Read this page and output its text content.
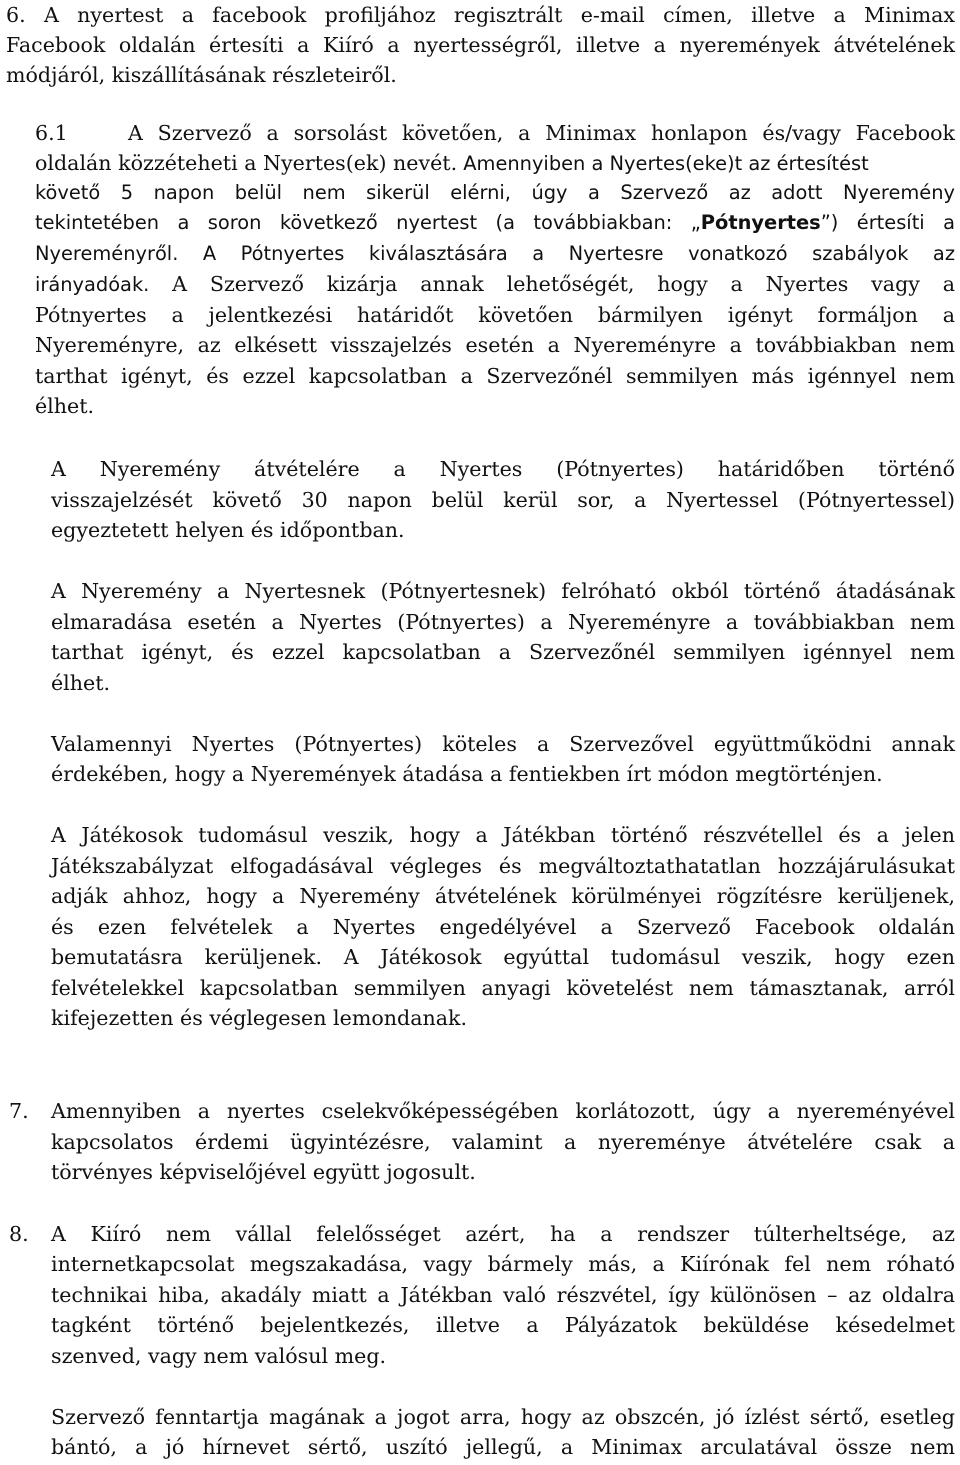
6. A nyertest a facebook profiljához regisztrált e-mail címen, illetve a Minimax
Facebook oldalán értesíti a Kiíró a nyertességről, illetve a nyeremények átvételének
módjáról, kiszállításának részleteiről.
6.1	A Szervező a sorsolást követően, a Minimax honlapon és/vagy Facebook
oldalán közzéteheti a Nyertes(ek) nevét. Amennyiben a Nyertes(eke)t az értesítést
követő 5 napon belül nem sikerül elérni, úgy a Szervező az adott Nyeremény
tekintetében a soron következő nyertest (a továbbiakban: „Pótnyertes”) értesíti a
Nyereményről. A Pótnyertes kiválasztására a Nyertesre vonatkozó szabályok az
irányadóak. A Szervező kizárja annak lehetőségét, hogy a Nyertes vagy a
Pótnyertes a jelentkezési határidőt követően bármilyen igényt formáljon a
Nyereményre, az elkésett visszajelzés esetén a Nyereményre a továbbiakban nem
tarthat igényt, és ezzel kapcsolatban a Szervezőnél semmilyen más igénnyel nem
élhet.
A Nyeremény átvételére a Nyertes (Pótnyertes) határidőben történő
visszajelzését követő 30 napon belül kerül sor, a Nyertessel (Pótnyertessel)
egyeztetett helyen és időpontban.
A Nyeremény a Nyertesnek (Pótnyertesnek) felróható okból történő átadásának
elmaradása esetén a Nyertes (Pótnyertes) a Nyereményre a továbbiakban nem
tarthat igényt, és ezzel kapcsolatban a Szervezőnél semmilyen igénnyel nem
élhet.
Valamennyi Nyertes (Pótnyertes) köteles a Szervezővel együttműködni annak
érdekében, hogy a Nyeremények átadása a fentiekben írt módon megtörténjen.
A Játékosok tudomásul veszik, hogy a Játékban történő részvétellel és a jelen
Játékszabályzat elfogadásával végleges és megváltoztathatatlan hozzájárulásukat
adják ahhoz, hogy a Nyeremény átvételének körülményei rögzítésre kerüljenek,
és ezen felvételek a Nyertes engedélyével a Szervező Facebook oldalán
bemutatásra kerüljenek. A Játékosok egyúttal tudomásul veszik, hogy ezen
felvételekkel kapcsolatban semmilyen anyagi követelést nem támasztanak, arról
kifejezetten és véglegesen lemondanak.
7. Amennyiben a nyertes cselekvőképességében korlátozott, úgy a nyereményével
kapcsolatos érdemi ügyintézésre, valamint a nyereménye átvételére csak a
törvényes képviselőjével együtt jogosult.
8. A Kiíró nem vállal felelősséget azért, ha a rendszer túlterheltsége, az
internetkapcsolat megszakadása, vagy bármely más, a Kiírónak fel nem róható
technikai hiba, akadály miatt a Játékban való részvétel, így különösen – az oldalra
tagként történő bejelentkezés, illetve a Pályázatok beküldése késedelmet
szenved, vagy nem valósul meg.
Szervező fenntartja magának a jogot arra, hogy az obszcén, jó ízlést sértő, esetleg
bántó, a jó hírnevet sértő, uszító jellegű, a Minimax arculatával össze nem
